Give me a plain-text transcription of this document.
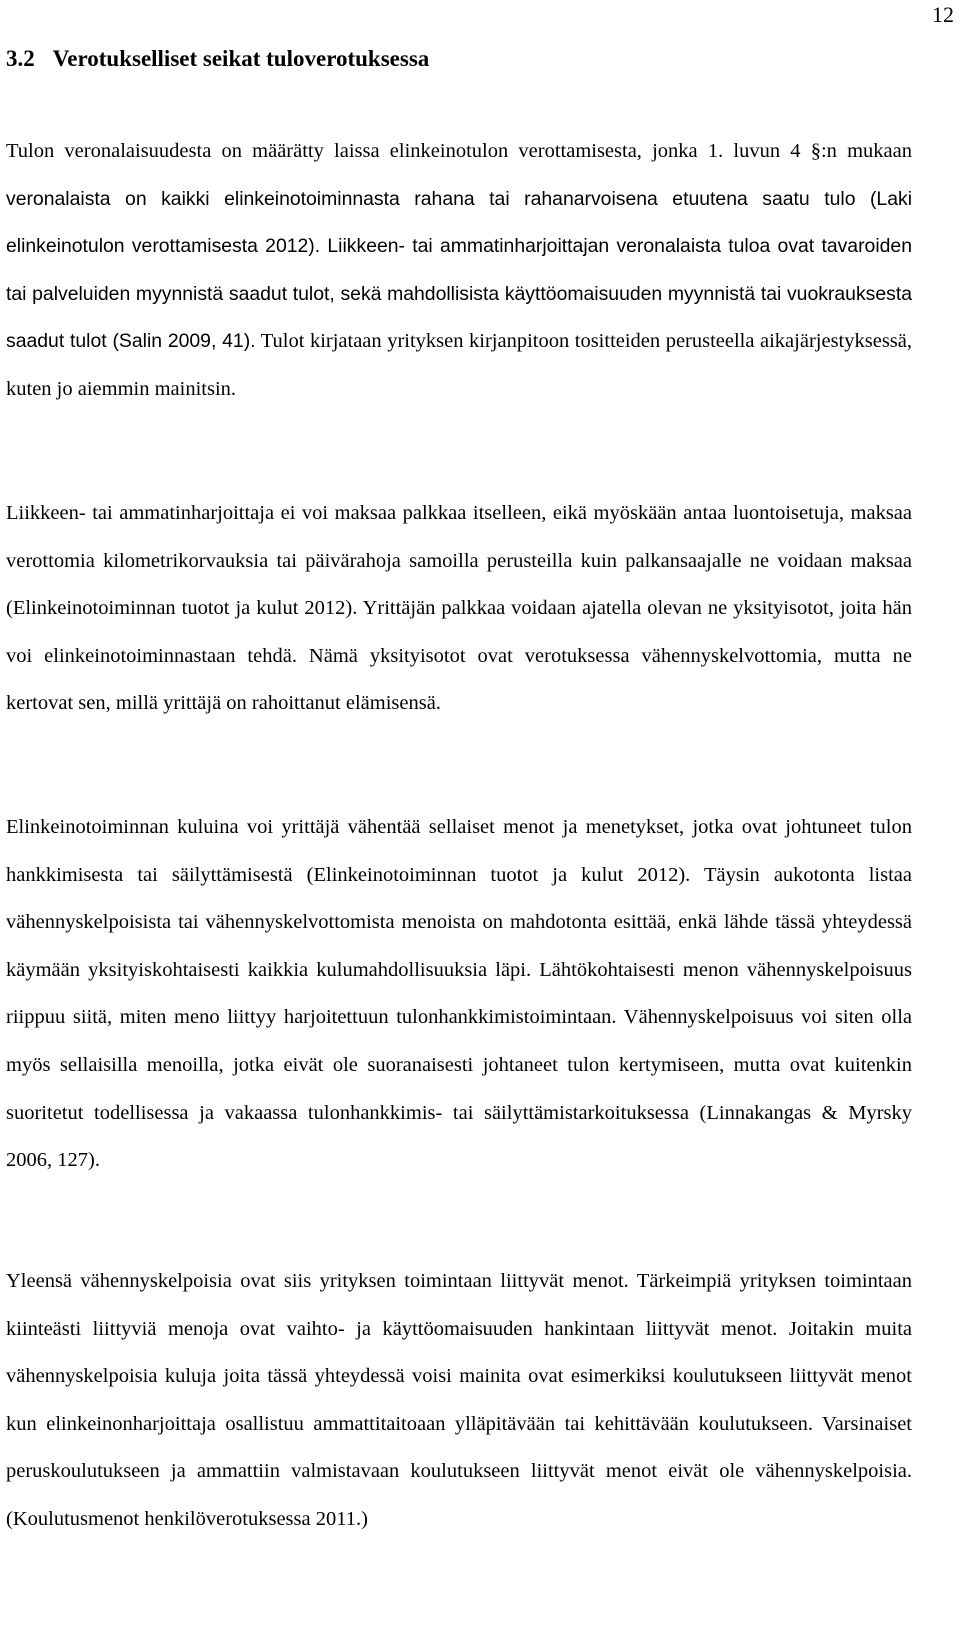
12
3.2 Verotukselliset seikat tuloverotuksessa

Tulon veronalaisuudesta on määrätty laissa elinkeinotulon verottamisesta, jonka 1. luvun 4 §:n mukaan veronalaista on kaikki elinkeinotoiminnasta rahana tai rahanarvoisena etuutena saatu tulo (Laki elinkeinotulon verottamisesta 2012). Liikkeen- tai ammatinharjoittajan veronalaista tuloa ovat tavaroiden tai palveluiden myynnistä saadut tulot, sekä mahdollisista käyttöomaisuuden myynnistä tai vuokrauksesta saadut tulot (Salin 2009, 41). Tulot kirjataan yrityksen kirjanpitoon tositteiden perusteella aikajärjestyksessä, kuten jo aiemmin mainitsin.

Liikkeen- tai ammatinharjoittaja ei voi maksaa palkkaa itselleen, eikä myöskään antaa luontoisetuja, maksaa verottomia kilometrikorvauksia tai päivärahoja samoilla perusteilla kuin palkansaajalle ne voidaan maksaa (Elinkeinotoiminnan tuotot ja kulut 2012). Yrittäjän palkkaa voidaan ajatella olevan ne yksityisotot, joita hän voi elinkeinotoiminnastaan tehdä. Nämä yksityisotot ovat verotuksessa vähennyskelvottomia, mutta ne kertovat sen, millä yrittäjä on rahoittanut elämisensä.

Elinkeinotoiminnan kuluina voi yrittäjä vähentää sellaiset menot ja menetykset, jotka ovat johtuneet tulon hankkimisesta tai säilyttämisestä (Elinkeinotoiminnan tuotot ja kulut 2012). Täysin aukotonta listaa vähennyskelpoisista tai vähennyskelvottomista menoista on mahdotonta esittää, enkä lähde tässä yhteydessä käymään yksityiskohtaisesti kaikkia kulumahdollisuuksia läpi. Lähtökohtaisesti menon vähennyskelpoisuus riippuu siitä, miten meno liittyy harjoitettuun tulonhankkimistoimintaan. Vähennyskelpoisuus voi siten olla myös sellaisilla menoilla, jotka eivät ole suoranaisesti johtaneet tulon kertymiseen, mutta ovat kuitenkin suoritetut todellisessa ja vakaassa tulonhankkimis- tai säilyttämistarkoituksessa (Linnakangas & Myrsky 2006, 127).

Yleensä vähennyskelpoisia ovat siis yrityksen toimintaan liittyvät menot. Tärkeimpiä yrityksen toimintaan kiinteästi liittyviä menoja ovat vaihto- ja käyttöomaisuuden hankintaan liittyvät menot. Joitakin muita vähennyskelpoisia kuluja joita tässä yhteydessä voisi mainita ovat esimerkiksi koulutukseen liittyvät menot kun elinkeinonharjoittaja osallistuu ammattitaitoaan ylläpitävään tai kehittävään koulutukseen. Varsinaiset peruskoulutukseen ja ammattiin valmistavaan koulutukseen liittyvät menot eivät ole vähennyskelpoisia. (Koulutusmenot henkilöverotuksessa 2011.)
